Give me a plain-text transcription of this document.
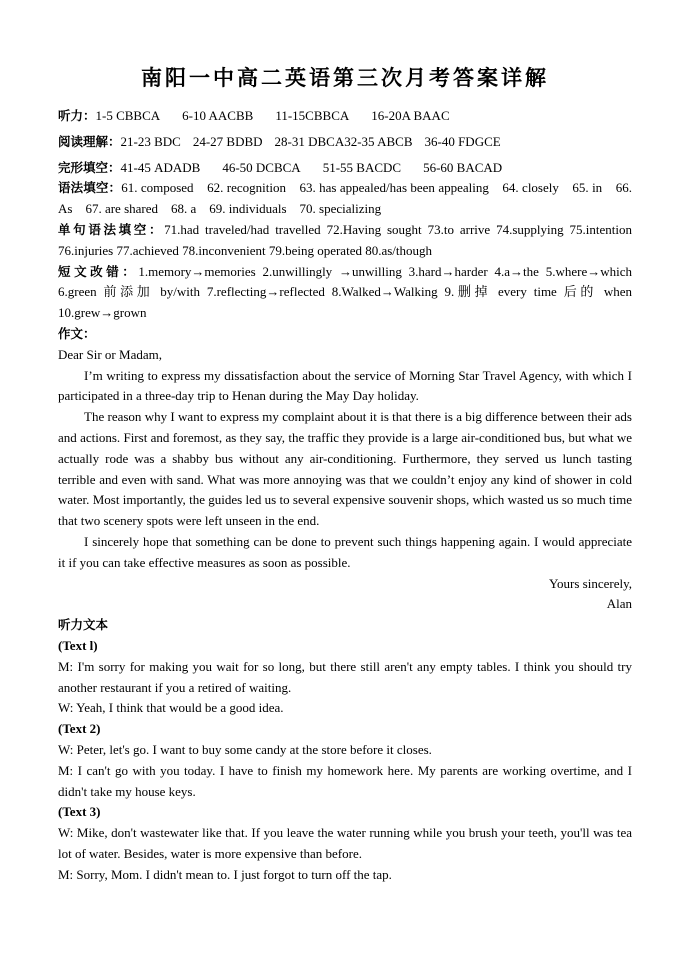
南阳一中高二英语第三次月考答案详解
听力：1-5 CBBCA 6-10 AACBB 11-15CBBCA 16-20A BAAC
阅读理解：21-23 BDC 24-27 BDBD 28-31 DBCA32-35 ABCB 36-40 FDGCE
完形填空：41-45 ADADB 46-50 DCBCA 51-55 BACDC 56-60 BACAD
语法填空：61. composed    62. recognition    63. has appealed/has been appealing    64. closely    65. in    66. As    67. are shared    68. a    69. individuals    70. specializing
单句语法填空：71.had traveled/had travelled 72.Having sought 73.to arrive 74.supplying 75.intention 76.injuries 77.achieved 78.inconvenient 79.being operated 80.as/though
短文改错：1.memory→memories 2.unwillingly →unwilling 3.hard→harder 4.a→the 5.where→which 6.green 前添加 by/with 7.reflecting→reflected 8.Walked→Walking 9.删掉 every time 后的 when 10.grew→grown
作文：
Dear Sir or Madam,
I’m writing to express my dissatisfaction about the service of Morning Star Travel Agency, with which I participated in a three-day trip to Henan during the May Day holiday.
The reason why I want to express my complaint about it is that there is a big difference between their ads and actions. First and foremost, as they say, the traffic they provide is a large air-conditioned bus, but what we actually rode was a shabby bus without any air-conditioning. Furthermore, they served us lunch tasting terrible and even with sand. What was more annoying was that we couldn’t enjoy any kind of shower in cold water. Most importantly, the guides led us to several expensive souvenir shops, which wasted us so much time that two scenery spots were left unseen in the end.
I sincerely hope that something can be done to prevent such things happening again. I would appreciate it if you can take effective measures as soon as possible.
Yours sincerely,
Alan
听力文本
(Text l)
M: I'm sorry for making you wait for so long, but there still aren't any empty tables. I think you should try another restaurant if you a retired of waiting.
W: Yeah, I think that would be a good idea.
(Text 2)
W: Peter, let's go. I want to buy some candy at the store before it closes.
M: I can't go with you today. I have to finish my homework here. My parents are working overtime, and I didn't take my house keys.
(Text 3)
W: Mike, don't wastewater like that. If you leave the water running while you brush your teeth, you'll was tea lot of water. Besides, water is more expensive than before.
M: Sorry, Mom. I didn't mean to. I just forgot to turn off the tap.
